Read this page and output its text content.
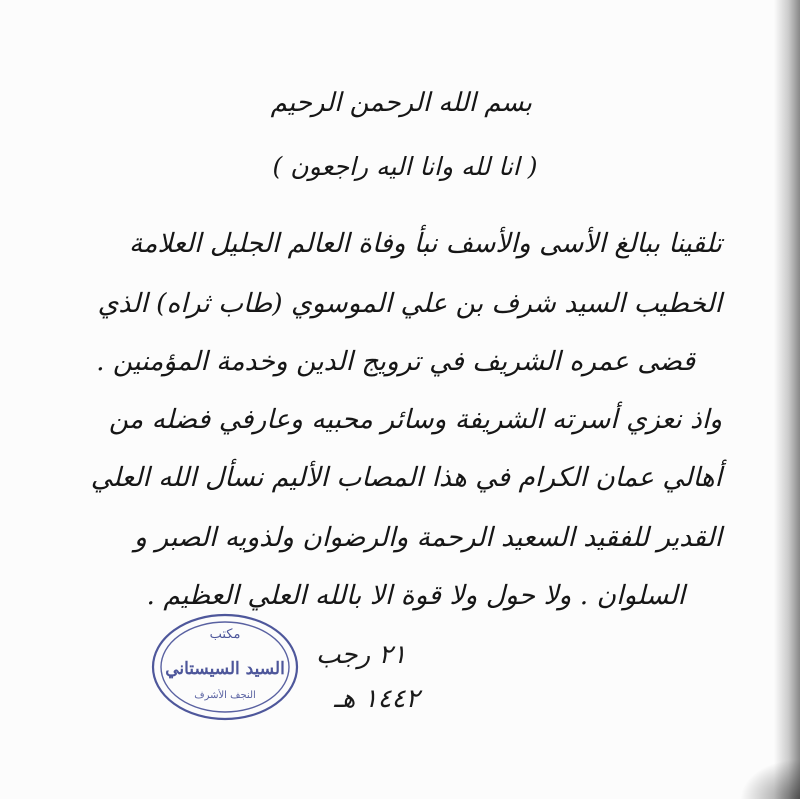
بسم الله الرحمن الرحيم
( انا لله وانا اليه راجعون )
تلقينا ببالغ الأسى والأسف نبأ وفاة العالم الجليل العلامة
الخطيب السيد شرف بن علي الموسوي (طاب ثراه) الذي
قضى عمره الشريف في ترويج الدين وخدمة المؤمنين .
واذ نعزي أسرته الشريفة وسائر محبيه وعارفي فضله من
أهالي عمان الكرام في هذا المصاب الأليم نسأل الله العلي
القدير للفقيد السعيد الرحمة والرضوان ولذويه الصبر و
السلوان . ولا حول ولا قوة الا بالله العلي العظيم .
٢١ رجب
١٤٤٢ هـ
مكتب
السيد السيستاني
النجف الأشرف
